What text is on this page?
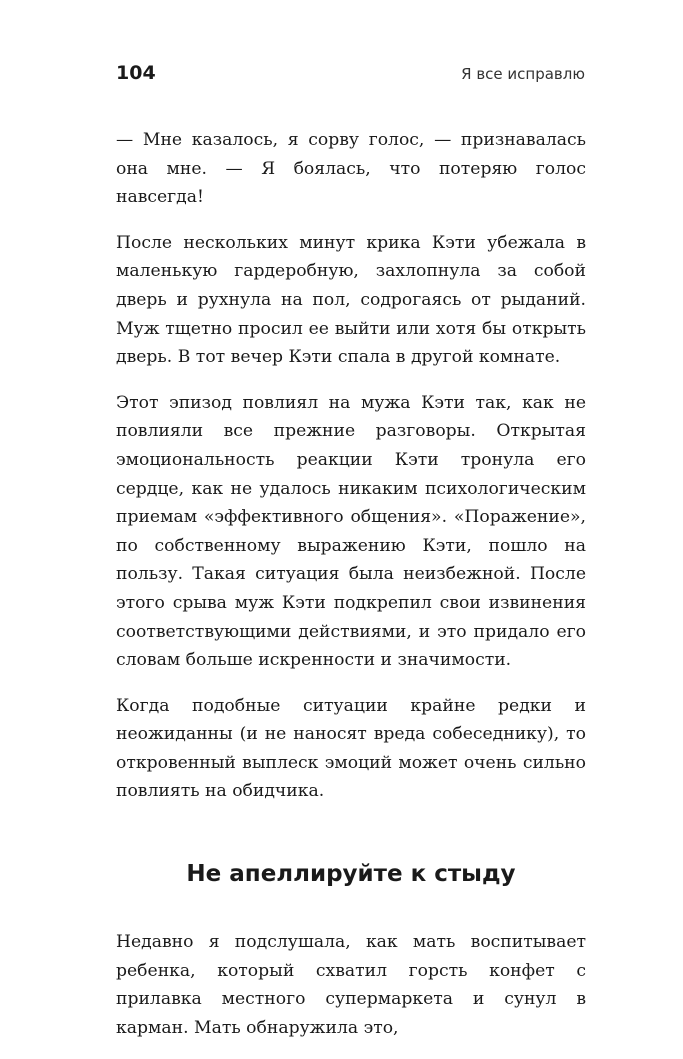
104	Я все исправлю

— Мне казалось, я сорву голос, — признавалась она мне. — Я боялась, что потеряю голос навсегда!

После нескольких минут крика Кэти убежала в маленькую гардеробную, захлопнула за собой дверь и рухнула на пол, содрогаясь от рыданий. Муж тщетно просил ее выйти или хотя бы открыть дверь. В тот вечер Кэти спала в другой комнате.

Этот эпизод повлиял на мужа Кэти так, как не повлияли все прежние разговоры. Открытая эмоциональность реакции Кэти тронула его сердце, как не удалось никаким психологическим приемам «эффективного общения». «Поражение», по собственному выражению Кэти, пошло на пользу. Такая ситуация была неизбежной. После этого срыва муж Кэти подкрепил свои извинения соответствующими действиями, и это придало его словам больше искренности и значимости.

Когда подобные ситуации крайне редки и неожиданны (и не наносят вреда собеседнику), то откровенный выплеск эмоций может очень сильно повлиять на обидчика.

Не апеллируйте к стыду

Недавно я подслушала, как мать воспитывает ребенка, который схватил горсть конфет с прилавка местного супермаркета и сунул в карман. Мать обнаружила это,
